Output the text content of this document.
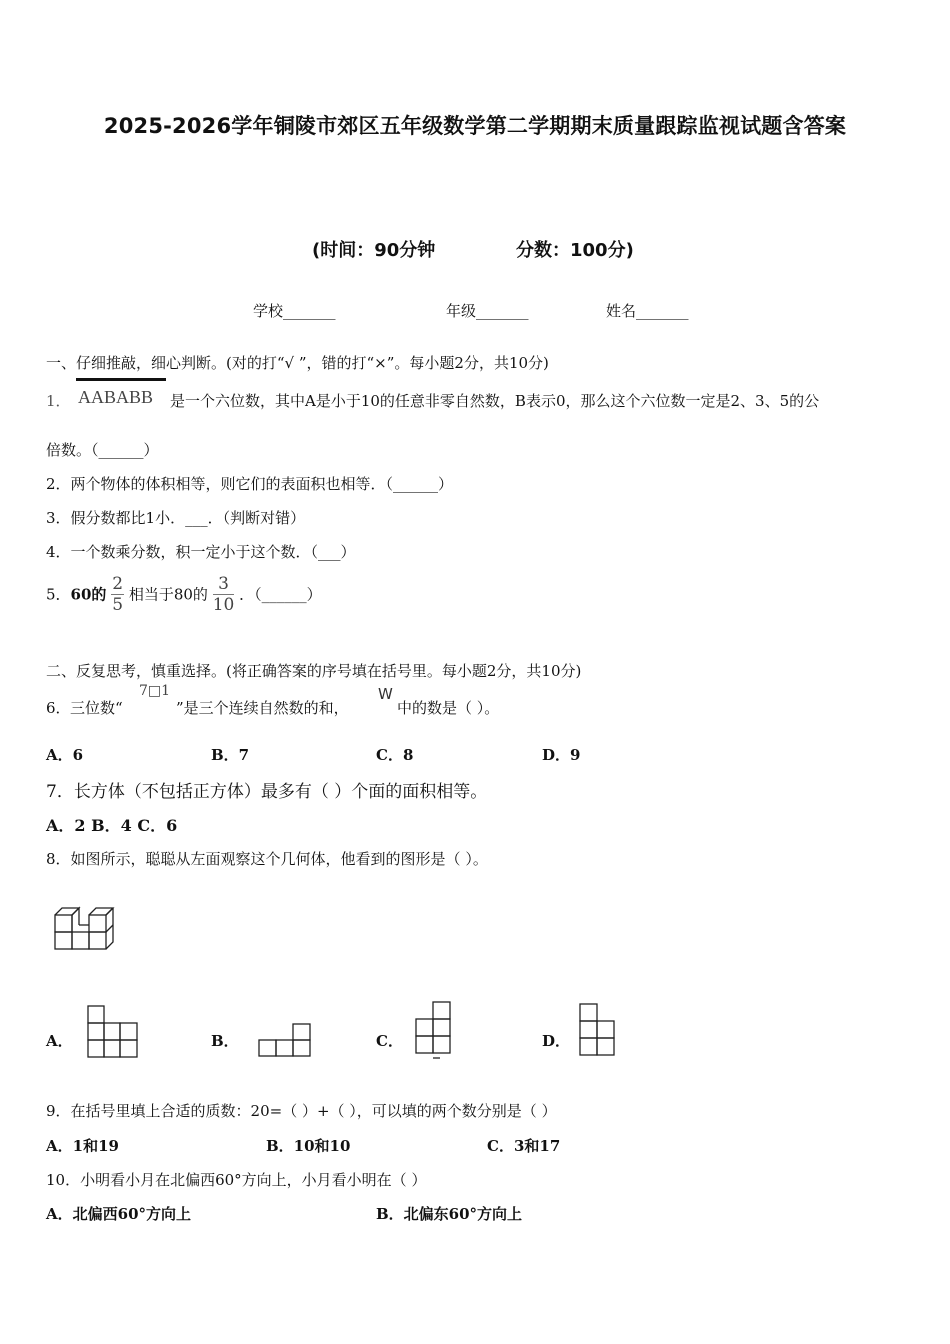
2025-2026学年铜陵市郊区五年级数学第二学期期末质量跟踪监视试题含答案
(时间：90分钟	分数：100分)
学校_______	年级_______	姓名_______
一、仔细推敲，细心判断。(对的打“√ ”，错的打“×”。每小题2分，共10分)
1． AABABB 是一个六位数，其中A是小于10的任意非零自然数，B表示0，那么这个六位数一定是2、3、5的公
倍数。（______）
2．两个物体的体积相等，则它们的表面积也相等．（______）
3．假分数都比1小．___．（判断对错）
4．一个数乘分数，积一定小于这个数．（___）
5．60的 $\frac{2}{5}$ 相当于80的 $\frac{3}{10}$ ．（______）
二、反复思考，慎重选择。(将正确答案的序号填在括号里。每小题2分，共10分)
6． 三位数“
7□1
”是三个连续自然数的和，
W
中的数是（ ）。
A．6	B．7	C．8	D．9
7．长方体（不包括正方体）最多有（ ）个面的面积相等。
A．2 B．4 C．6
8．如图所示，聪聪从左面观察这个几何体，他看到的图形是（ ）。
A．	B．	C．	D．
9．在括号里填上合适的质数：20=（ ）+（ ），可以填的两个数分别是（ ）
A．1和19	B．10和10	C．3和17
10．小明看小月在北偏西60°方向上，小月看小明在（ ）
A．北偏西60°方向上	B．北偏东60°方向上
